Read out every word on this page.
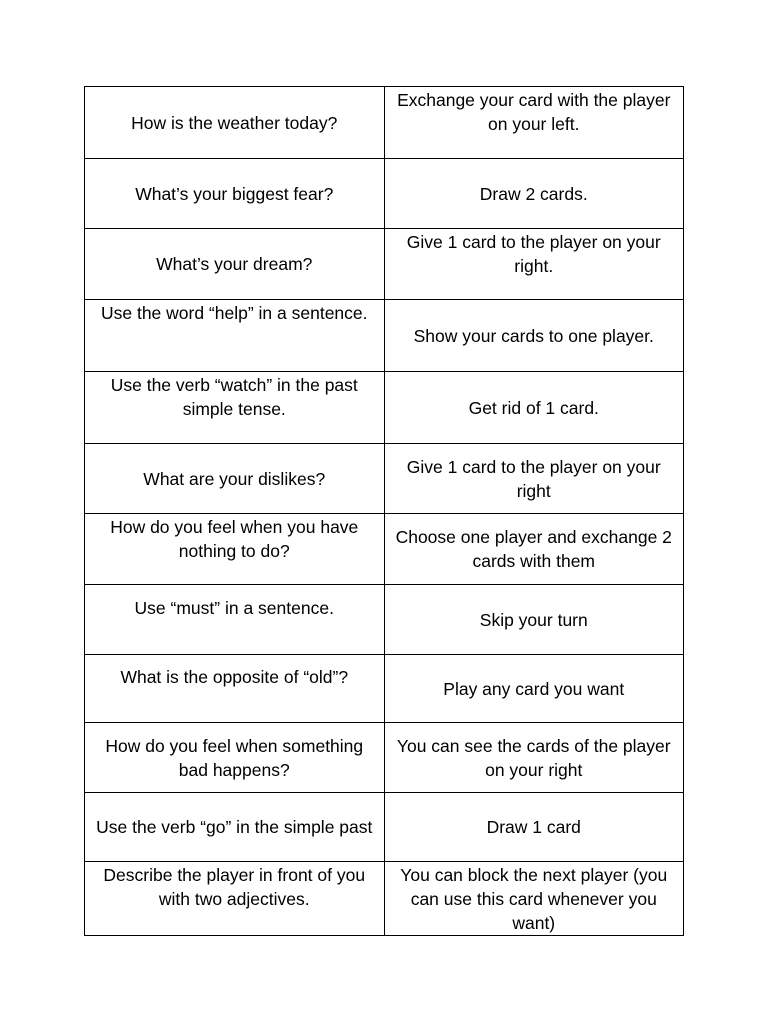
How is the weather today?	Exchange your card with the player on your left.
What’s your biggest fear?	Draw 2 cards.
What’s your dream?	Give 1 card to the player on your right.
Use the word “help” in a sentence.	Show your cards to one player.
Use the verb “watch” in the past simple tense.	Get rid of 1 card.
What are your dislikes?	Give 1 card to the player on your right
How do you feel when you have nothing to do?	Choose one player and exchange 2 cards with them
Use “must” in a sentence.	Skip your turn
What is the opposite of “old”?	Play any card you want
How do you feel when something bad happens?	You can see the cards of the player on your right
Use the verb “go” in the simple past	Draw 1 card
Describe the player in front of you with two adjectives.	You can block the next player (you can use this card whenever you want)
